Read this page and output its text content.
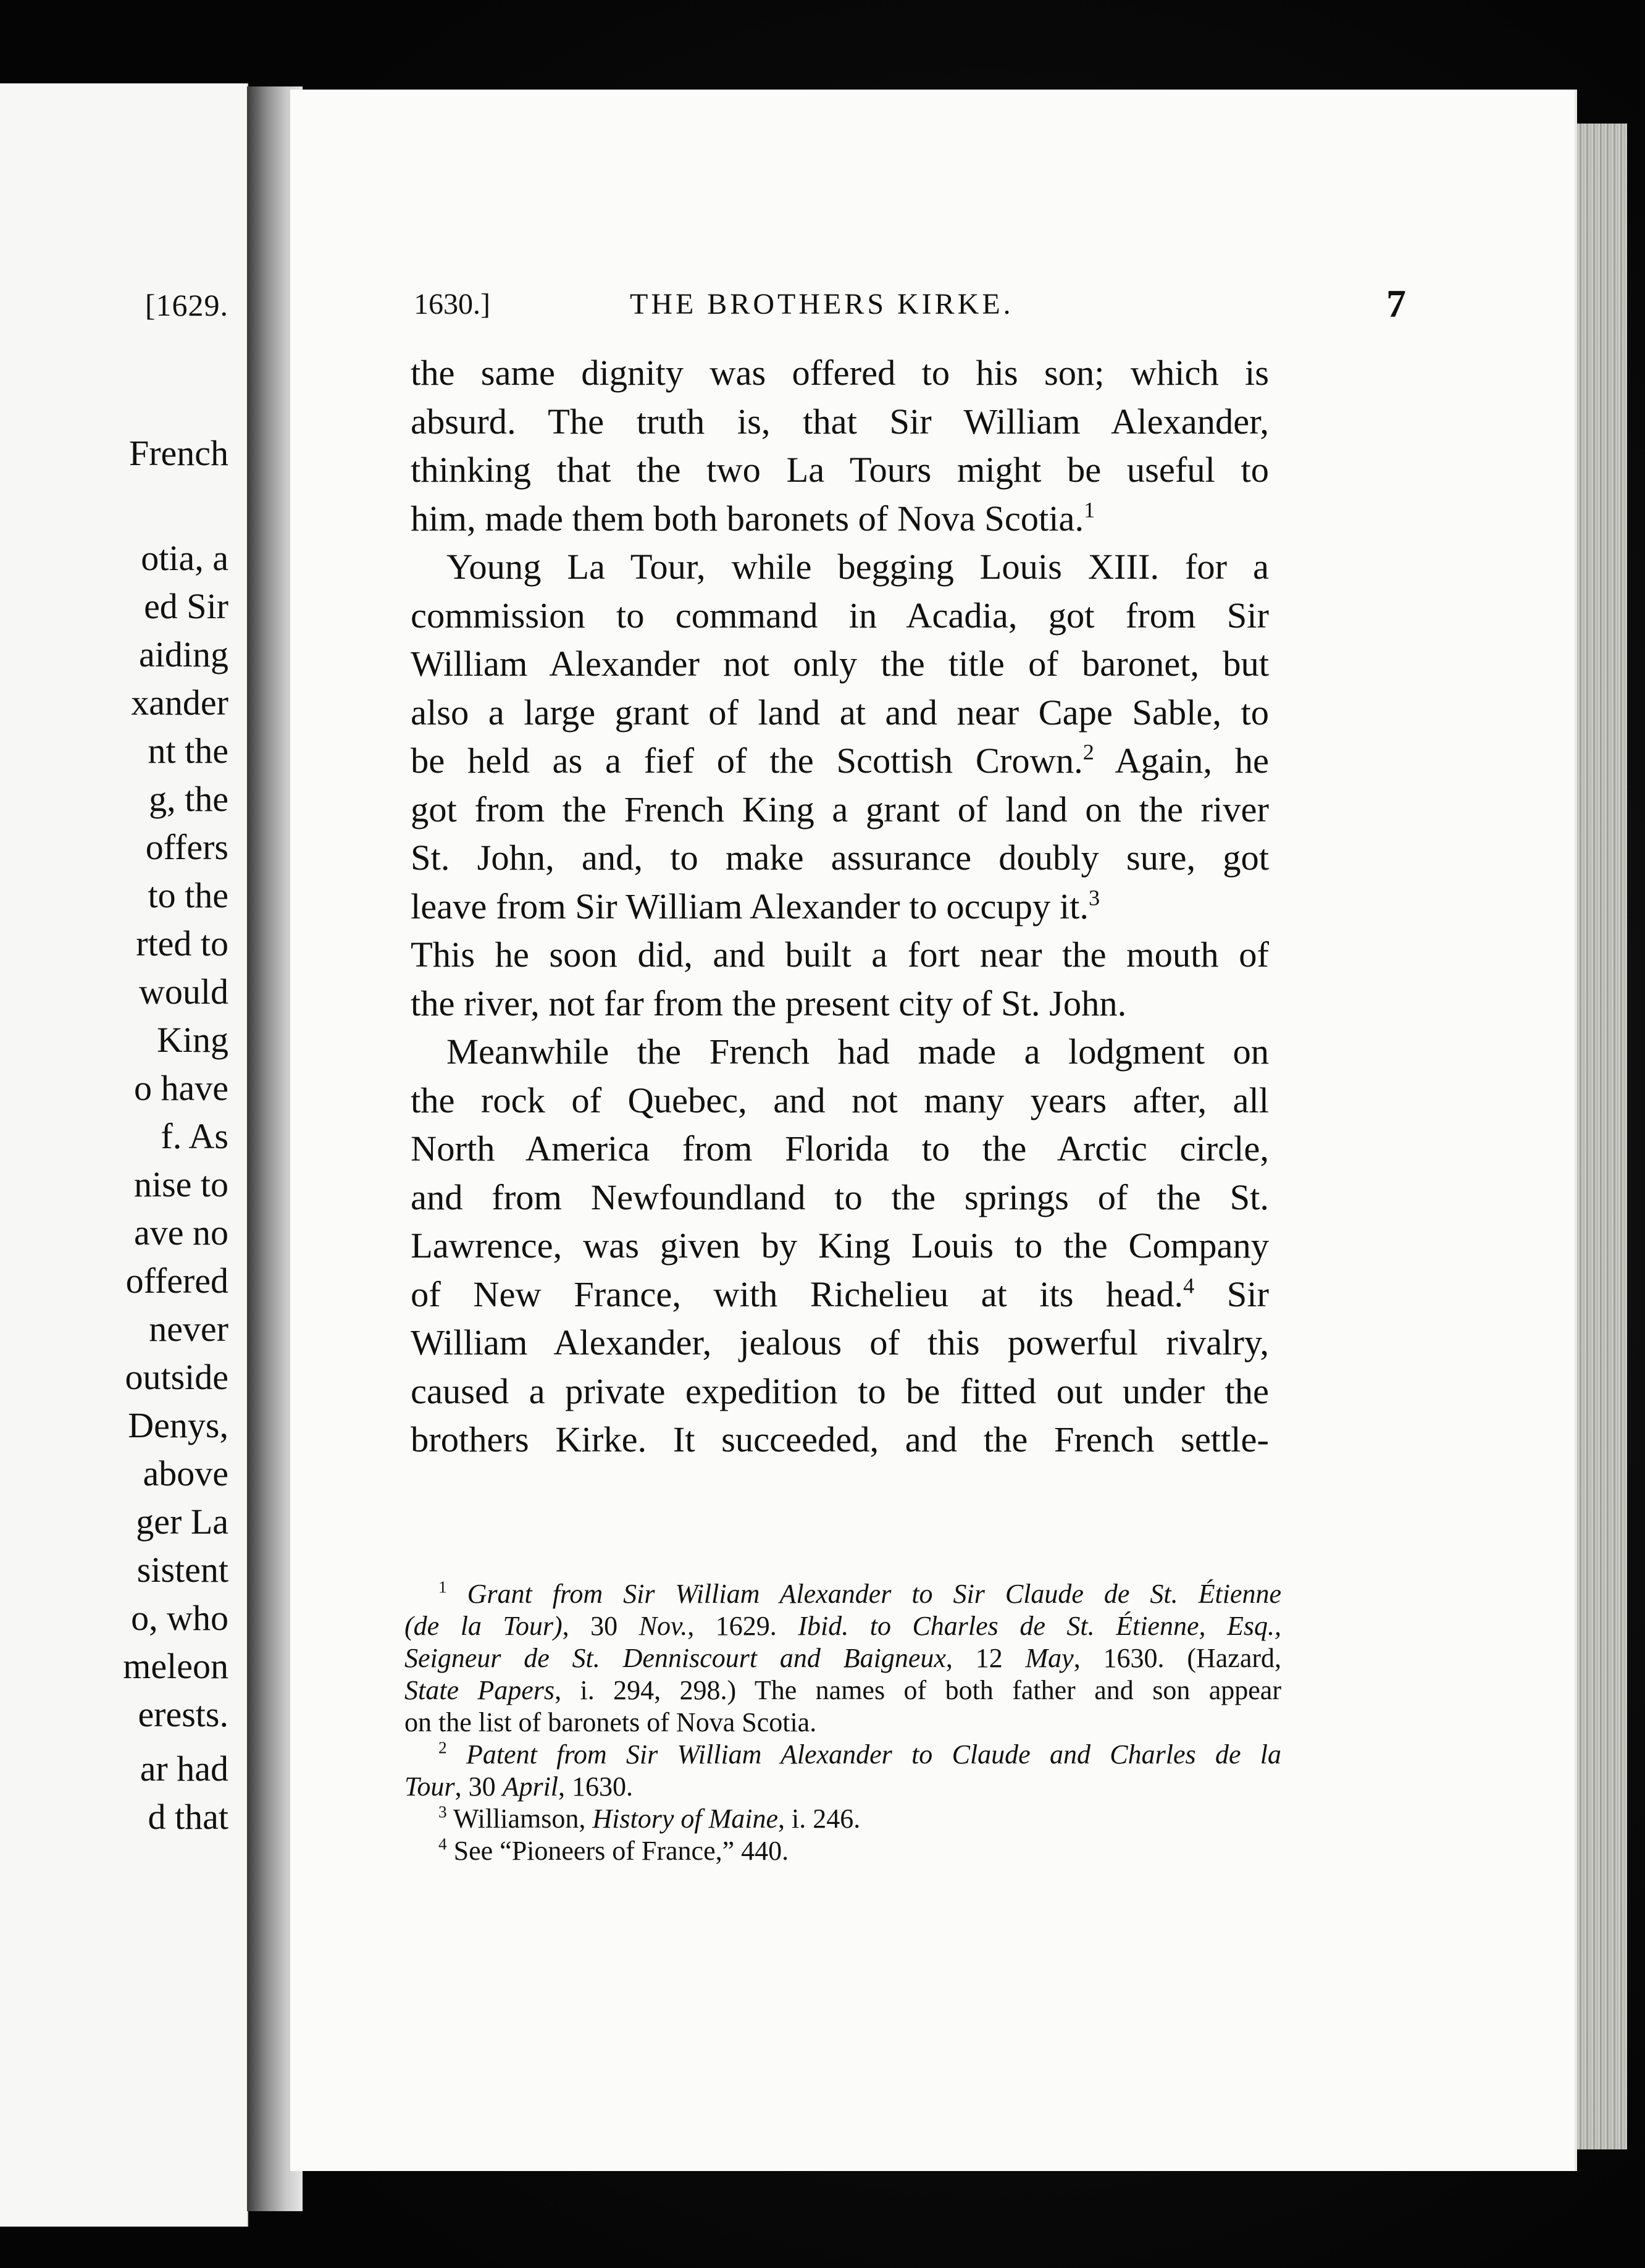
[1629.
French
otia, a
ed Sir
aiding
xander
nt the
g, the
offers
to the
rted to
would
King
o have
f. As
nise to
ave no
offered
never
outside
Denys,
above
ger La
sistent
o, who
meleon
erests.
ar had
d that
1630.]	THE BROTHERS KIRKE.	7
the same dignity was offered to his son; which is
absurd. The truth is, that Sir William Alexander,
thinking that the two La Tours might be useful to
him, made them both baronets of Nova Scotia.$^1$
Young La Tour, while begging Louis XIII. for a
commission to command in Acadia, got from Sir
William Alexander not only the title of baronet, but
also a large grant of land at and near Cape Sable, to
be held as a fief of the Scottish Crown.$^2$ Again, he
got from the French King a grant of land on the river
St. John, and, to make assurance doubly sure, got
leave from Sir William Alexander to occupy it.$^3$
This he soon did, and built a fort near the mouth of
the river, not far from the present city of St. John.
Meanwhile the French had made a lodgment on
the rock of Quebec, and not many years after, all
North America from Florida to the Arctic circle,
and from Newfoundland to the springs of the St.
Lawrence, was given by King Louis to the Company
of New France, with Richelieu at its head.$^4$ Sir
William Alexander, jealous of this powerful rivalry,
caused a private expedition to be fitted out under the
brothers Kirke. It succeeded, and the French settle-
$^1$ Grant from Sir William Alexander to Sir Claude de St. Étienne
(de la Tour), 30 Nov., 1629. Ibid. to Charles de St. Étienne, Esq.,
Seigneur de St. Denniscourt and Baigneux, 12 May, 1630. (Hazard,
State Papers, i. 294, 298.) The names of both father and son appear
on the list of baronets of Nova Scotia.
$^2$ Patent from Sir William Alexander to Claude and Charles de la
Tour, 30 April, 1630.
$^3$ Williamson, History of Maine, i. 246.
$^4$ See “Pioneers of France,” 440.
